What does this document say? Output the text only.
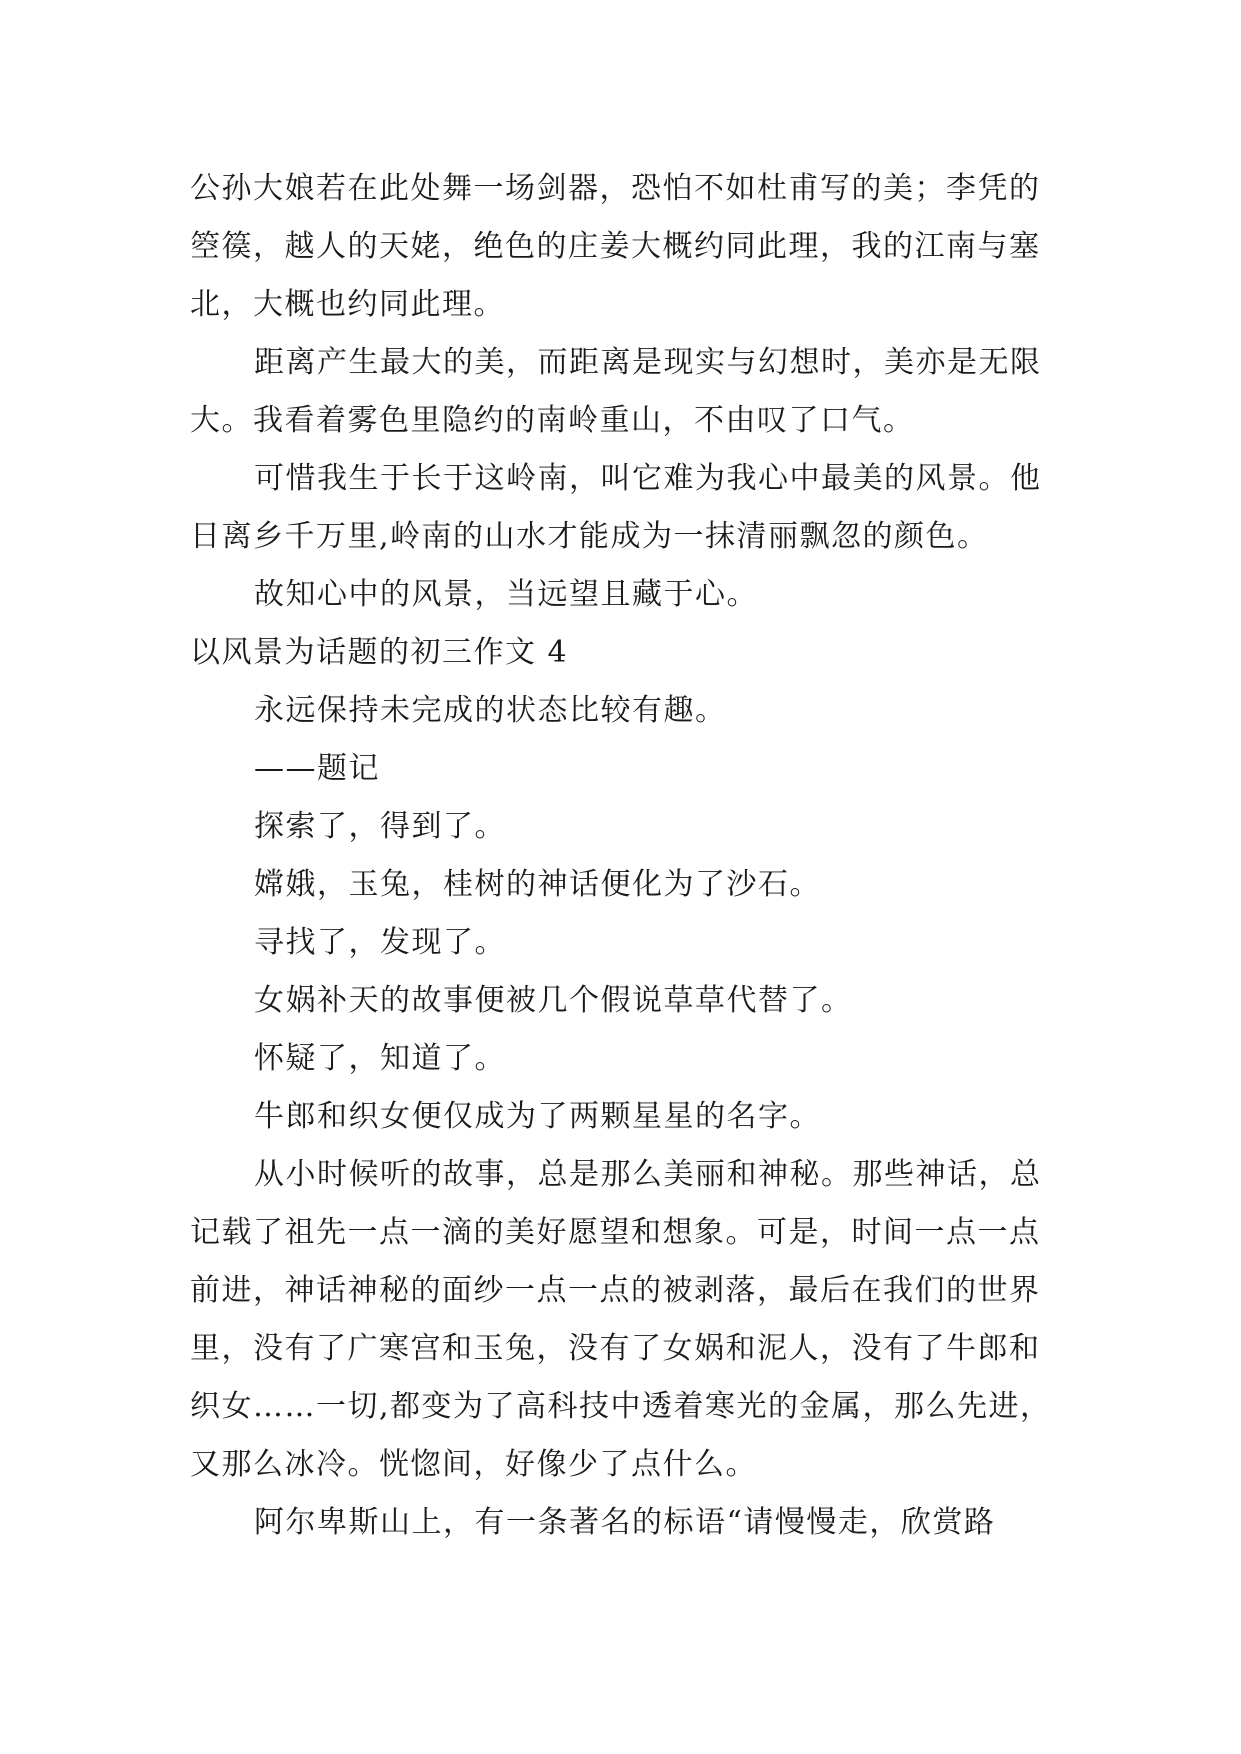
公孙大娘若在此处舞一场剑器，恐怕不如杜甫写的美；李凭的箜篌，越人的天姥，绝色的庄姜大概约同此理，我的江南与塞北，大概也约同此理。

距离产生最大的美，而距离是现实与幻想时，美亦是无限大。我看着雾色里隐约的南岭重山，不由叹了口气。

可惜我生于长于这岭南，叫它难为我心中最美的风景。他日离乡千万里,岭南的山水才能成为一抹清丽飘忽的颜色。

故知心中的风景，当远望且藏于心。

以风景为话题的初三作文 4

永远保持未完成的状态比较有趣。

——题记

探索了，得到了。

嫦娥，玉兔，桂树的神话便化为了沙石。

寻找了，发现了。

女娲补天的故事便被几个假说草草代替了。

怀疑了，知道了。

牛郎和织女便仅成为了两颗星星的名字。

从小时候听的故事，总是那么美丽和神秘。那些神话，总记载了祖先一点一滴的美好愿望和想象。可是，时间一点一点前进，神话神秘的面纱一点一点的被剥落，最后在我们的世界里，没有了广寒宫和玉兔，没有了女娲和泥人，没有了牛郎和织女……一切,都变为了高科技中透着寒光的金属，那么先进，又那么冰冷。恍惚间，好像少了点什么。

阿尔卑斯山上，有一条著名的标语“请慢慢走，欣赏路
